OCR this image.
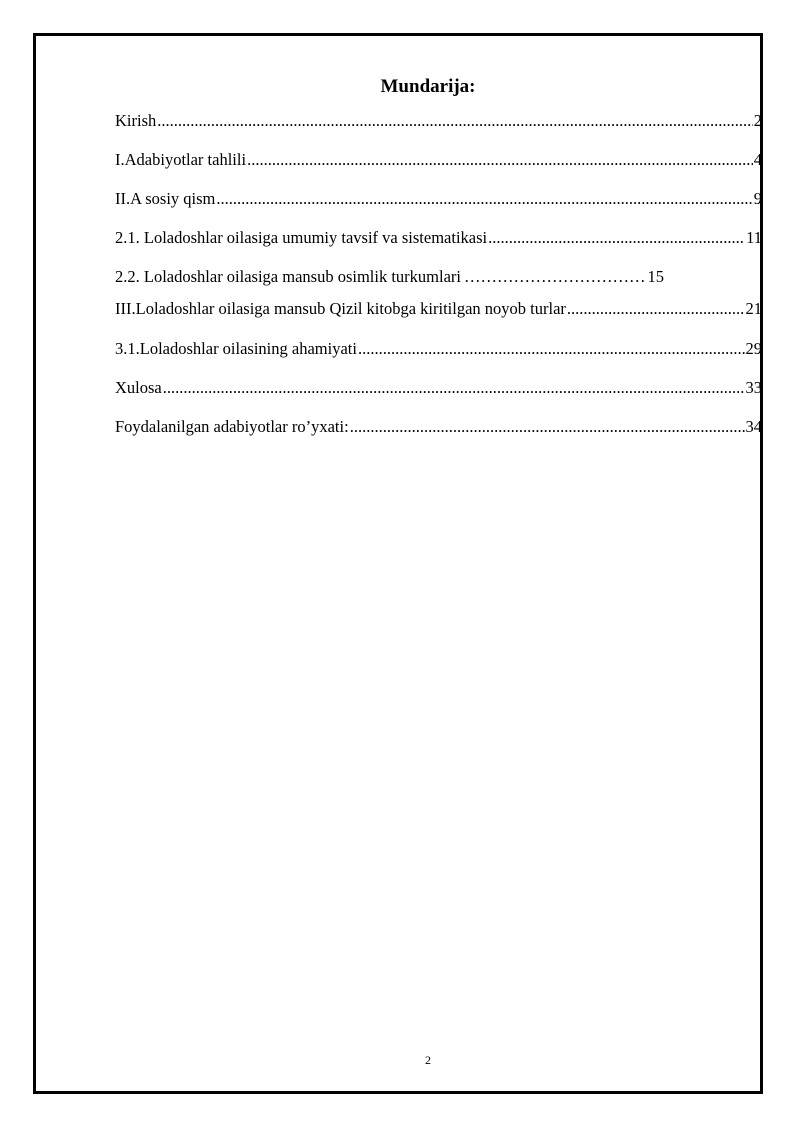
Mundarija:
Kirish .....	2
I.Adabiyotlar tahlili .....	4
II.A sosiy qism .....	9
2.1. Loladoshlar oilasiga umumiy tavsif va sistematikasi .....	11
2.2. Loladoshlar oilasiga mansub osimlik turkumlari …………………………… 15
III.Loladoshlar oilasiga mansub Qizil kitobga kiritilgan noyob turlar .....	21
3.1.Loladoshlar oilasining ahamiyati .....	29
Xulosa .....	33
Foydalanilgan adabiyotlar ro’yxati: .....	34
2
